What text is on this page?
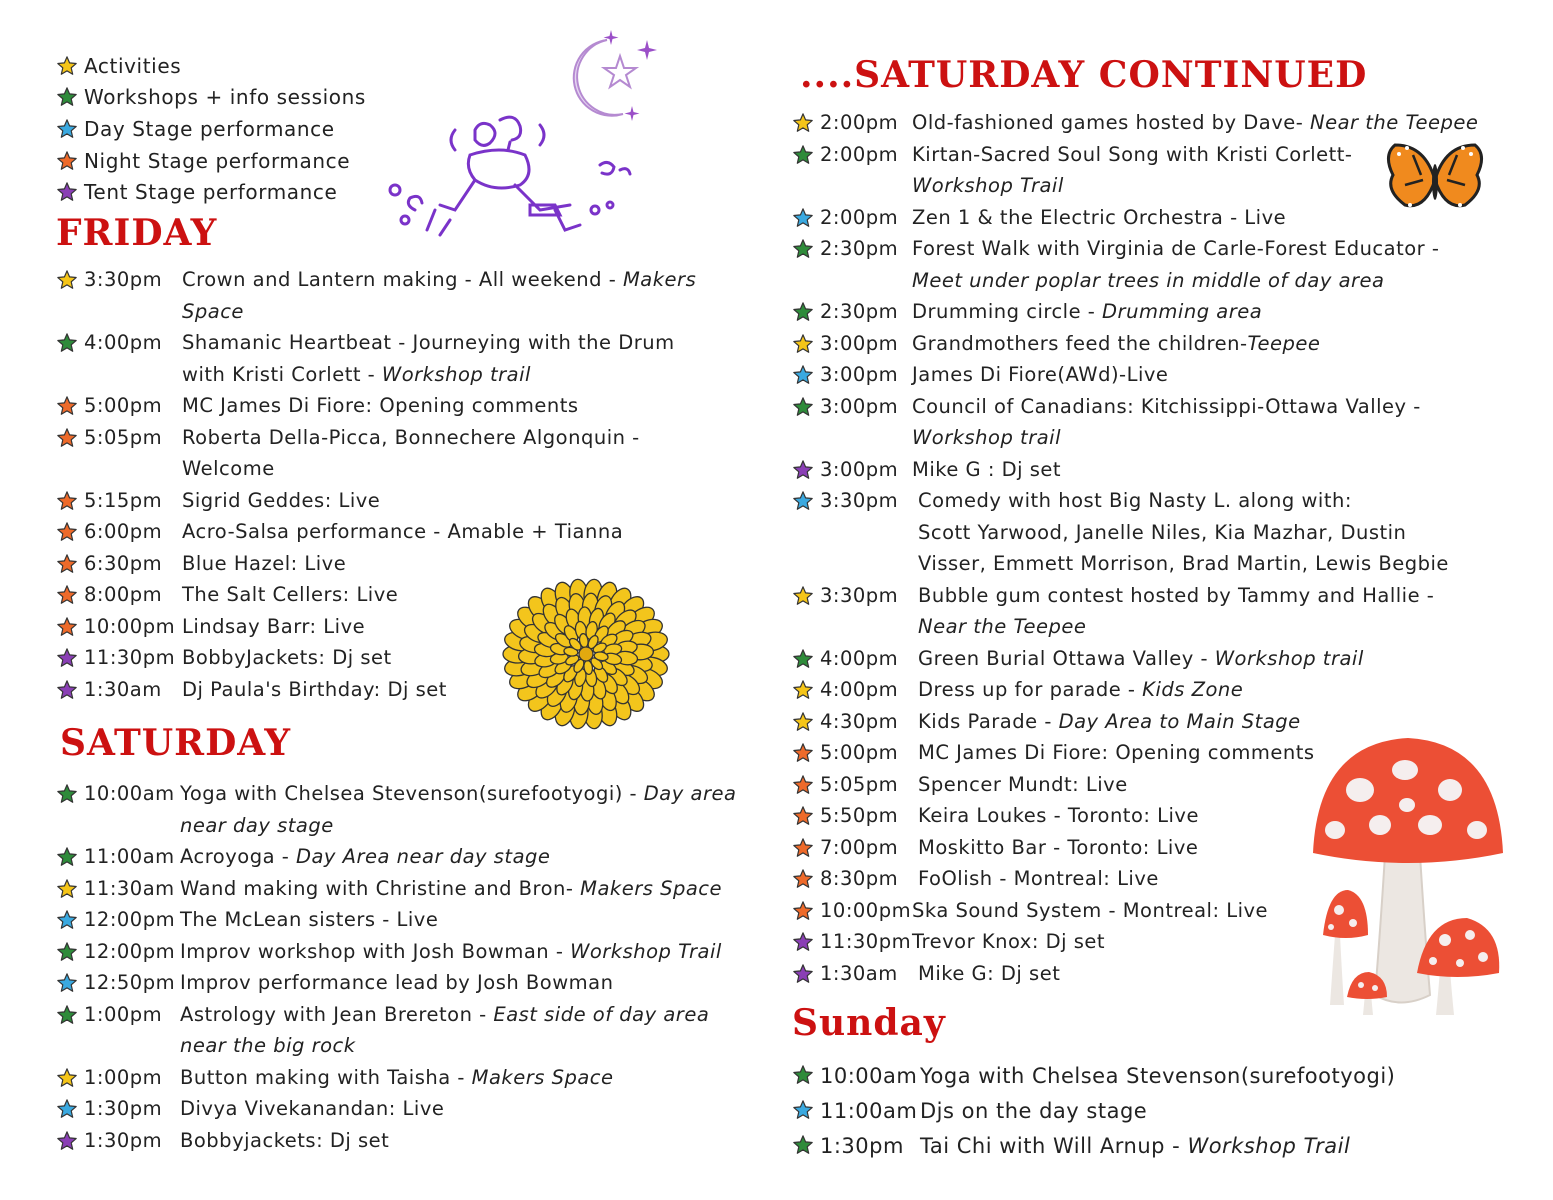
Activities
Workshops + info sessions
Day Stage performance
Night Stage performance
Tent Stage performance
FRIDAY
3:30pm	Crown and Lantern making - All weekend - Makers
Space
4:00pm	Shamanic Heartbeat - Journeying with the Drum
with Kristi Corlett - Workshop trail
5:00pm	MC James Di Fiore: Opening comments
5:05pm	Roberta Della-Picca, Bonnechere Algonquin -
Welcome
5:15pm	Sigrid Geddes: Live
6:00pm	Acro-Salsa performance - Amable + Tianna
6:30pm	Blue Hazel: Live
8:00pm	The Salt Cellers: Live
10:00pm Lindsay Barr: Live
11:30pm BobbyJackets: Dj set
1:30am	Dj Paula's Birthday: Dj set
SATURDAY
10:00am Yoga with Chelsea Stevenson(surefootyogi) - Day area
near day stage
11:00am Acroyoga - Day Area near day stage
11:30am Wand making with Christine and Bron- Makers Space
12:00pm The McLean sisters - Live
12:00pm Improv workshop with Josh Bowman - Workshop Trail
12:50pm Improv performance lead by Josh Bowman
1:00pm Astrology with Jean Brereton - East side of day area
near the big rock
1:00pm Button making with Taisha - Makers Space
1:30pm Divya Vivekanandan: Live
1:30pm Bobbyjackets: Dj set
....SATURDAY CONTINUED
2:00pm Old-fashioned games hosted by Dave- Near the Teepee
2:00pm Kirtan-Sacred Soul Song with Kristi Corlett-
Workshop Trail
2:00pm Zen 1 & the Electric Orchestra - Live
2:30pm Forest Walk with Virginia de Carle-Forest Educator -
Meet under poplar trees in middle of day area
2:30pm Drumming circle - Drumming area
3:00pm Grandmothers feed the children-Teepee
3:00pm James Di Fiore(AWd)-Live
3:00pm Council of Canadians: Kitchissippi-Ottawa Valley -
Workshop trail
3:00pm Mike G : Dj set
3:30pm	Comedy with host Big Nasty L. along with:
Scott Yarwood, Janelle Niles, Kia Mazhar, Dustin
Visser, Emmett Morrison, Brad Martin, Lewis Begbie
3:30pm	Bubble gum contest hosted by Tammy and Hallie -
Near the Teepee
4:00pm	Green Burial Ottawa Valley - Workshop trail
4:00pm	Dress up for parade - Kids Zone
4:30pm	Kids Parade - Day Area to Main Stage
5:00pm	MC James Di Fiore: Opening comments
5:05pm	Spencer Mundt: Live
5:50pm	Keira Loukes - Toronto: Live
7:00pm	Moskitto Bar - Toronto: Live
8:30pm	FoOlish - Montreal: Live
10:00pm Ska Sound System - Montreal: Live
11:30pm Trevor Knox: Dj set
1:30am	Mike G: Dj set
Sunday
10:00am Yoga with Chelsea Stevenson(surefootyogi)
11:00am Djs on the day stage
1:30pm Tai Chi with Will Arnup - Workshop Trail
